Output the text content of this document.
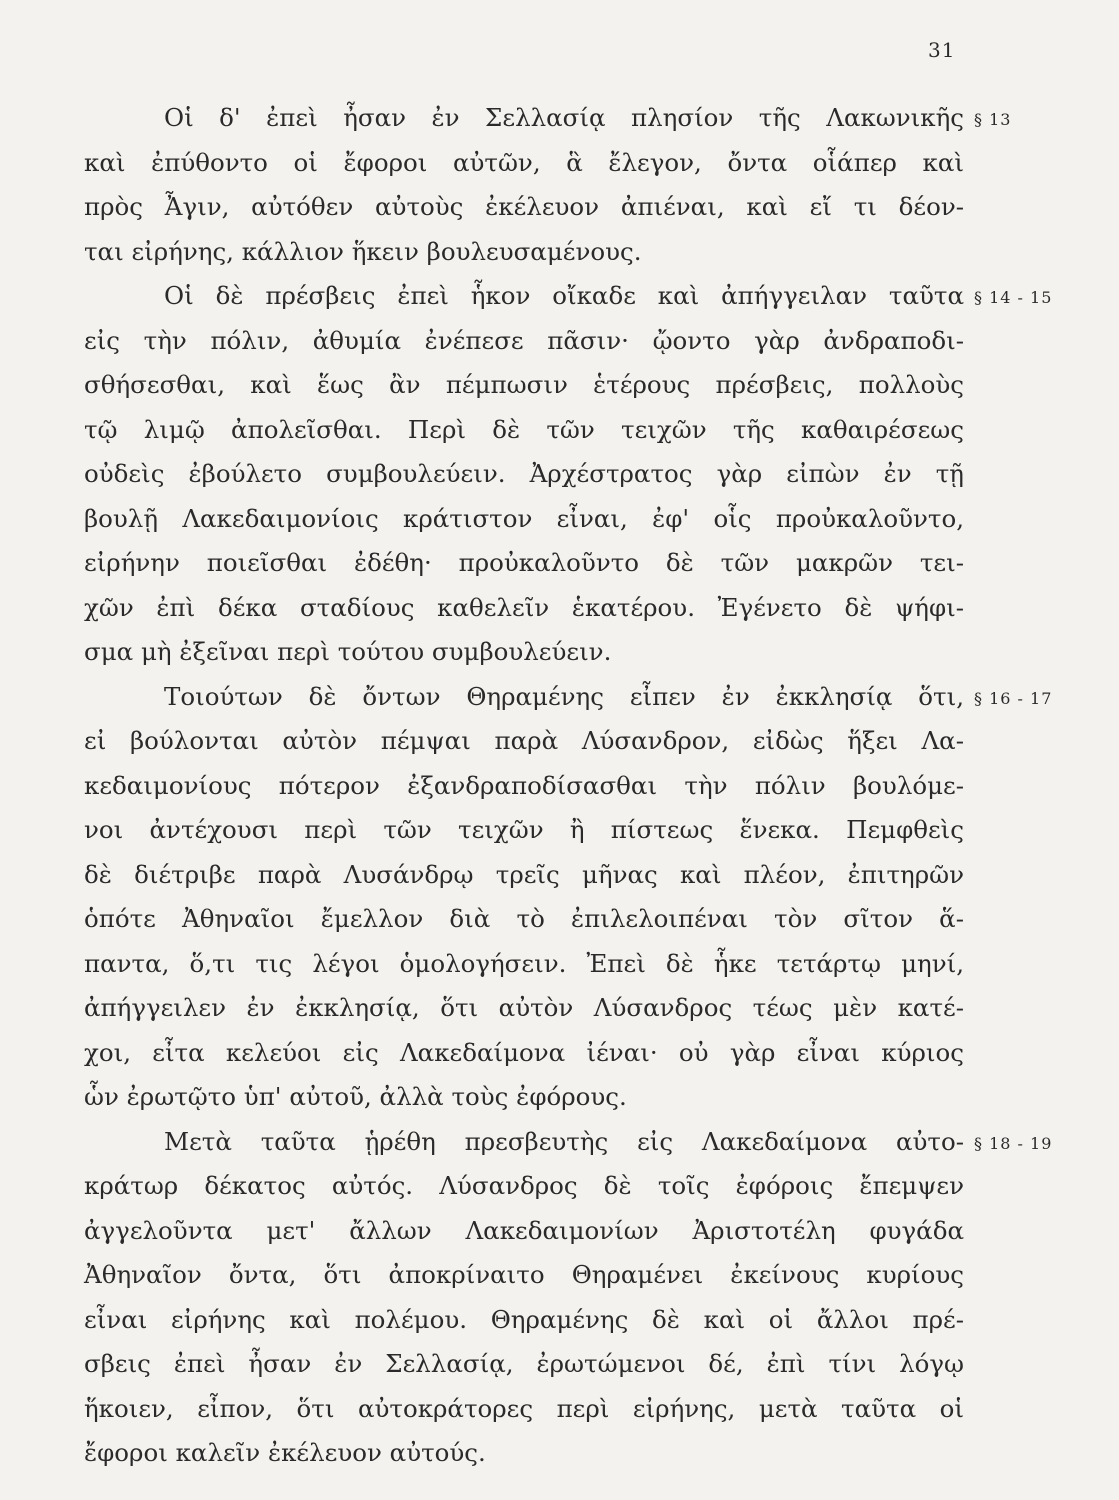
31
Οἱ δ' ἐπεὶ ἦσαν ἐν Σελλασίᾳ πλησίον τῆς Λακωνικῆς
καὶ ἐπύθοντο οἱ ἔφοροι αὐτῶν, ἃ ἔλεγον, ὄντα οἷάπερ καὶ
πρὸς Ἆγιν, αὐτόθεν αὐτοὺς ἐκέλευον ἀπιέναι, καὶ εἴ τι δέον-
ται εἰρήνης, κάλλιον ἥκειν βουλευσαμένους.
Οἱ δὲ πρέσβεις ἐπεὶ ἧκον οἴκαδε καὶ ἀπήγγειλαν ταῦτα
εἰς τὴν πόλιν, ἀθυμία ἐνέπεσε πᾶσιν· ᾤοντο γὰρ ἀνδραποδι-
σθήσεσθαι, καὶ ἕως ἂν πέμπωσιν ἑτέρους πρέσβεις, πολλοὺς
τῷ λιμῷ ἀπολεῖσθαι. Περὶ δὲ τῶν τειχῶν τῆς καθαιρέσεως
οὐδεὶς ἐβούλετο συμβουλεύειν. Ἀρχέστρατος γὰρ εἰπὼν ἐν τῇ
βουλῇ Λακεδαιμονίοις κράτιστον εἶναι, ἐφ' οἷς προὐκαλοῦντο,
εἰρήνην ποιεῖσθαι ἐδέθη· προὐκαλοῦντο δὲ τῶν μακρῶν τει-
χῶν ἐπὶ δέκα σταδίους καθελεῖν ἑκατέρου. Ἐγένετο δὲ ψήφι-
σμα μὴ ἐξεῖναι περὶ τούτου συμβουλεύειν.
Τοιούτων δὲ ὄντων Θηραμένης εἶπεν ἐν ἐκκλησίᾳ ὅτι,
εἰ βούλονται αὐτὸν πέμψαι παρὰ Λύσανδρον, εἰδὼς ἥξει Λα-
κεδαιμονίους πότερον ἐξανδραποδίσασθαι τὴν πόλιν βουλόμε-
νοι ἀντέχουσι περὶ τῶν τειχῶν ἢ πίστεως ἕνεκα. Πεμφθεὶς
δὲ διέτριβε παρὰ Λυσάνδρῳ τρεῖς μῆνας καὶ πλέον, ἐπιτηρῶν
ὁπότε Ἀθηναῖοι ἔμελλον διὰ τὸ ἐπιλελοιπέναι τὸν σῖτον ἅ-
παντα, ὅ,τι τις λέγοι ὁμολογήσειν. Ἐπεὶ δὲ ἧκε τετάρτῳ μηνί,
ἀπήγγειλεν ἐν ἐκκλησίᾳ, ὅτι αὐτὸν Λύσανδρος τέως μὲν κατέ-
χοι, εἶτα κελεύοι εἰς Λακεδαίμονα ἰέναι· οὐ γὰρ εἶναι κύριος
ὧν ἐρωτῷτο ὑπ' αὐτοῦ, ἀλλὰ τοὺς ἐφόρους.
Μετὰ ταῦτα ᾑρέθη πρεσβευτὴς εἰς Λακεδαίμονα αὐτο-
κράτωρ δέκατος αὐτός. Λύσανδρος δὲ τοῖς ἐφόροις ἔπεμψεν
ἀγγελοῦντα μετ' ἄλλων Λακεδαιμονίων Ἀριστοτέλη φυγάδα
Ἀθηναῖον ὄντα, ὅτι ἀποκρίναιτο Θηραμένει ἐκείνους κυρίους
εἶναι εἰρήνης καὶ πολέμου. Θηραμένης δὲ καὶ οἱ ἄλλοι πρέ-
σβεις ἐπεὶ ἦσαν ἐν Σελλασίᾳ, ἐρωτώμενοι δέ, ἐπὶ τίνι λόγῳ
ἥκοιεν, εἶπον, ὅτι αὐτοκράτορες περὶ εἰρήνης, μετὰ ταῦτα οἱ
ἔφοροι καλεῖν ἐκέλευον αὐτούς.
§ 13
§ 14 - 15
§ 16 - 17
§ 18 - 19
